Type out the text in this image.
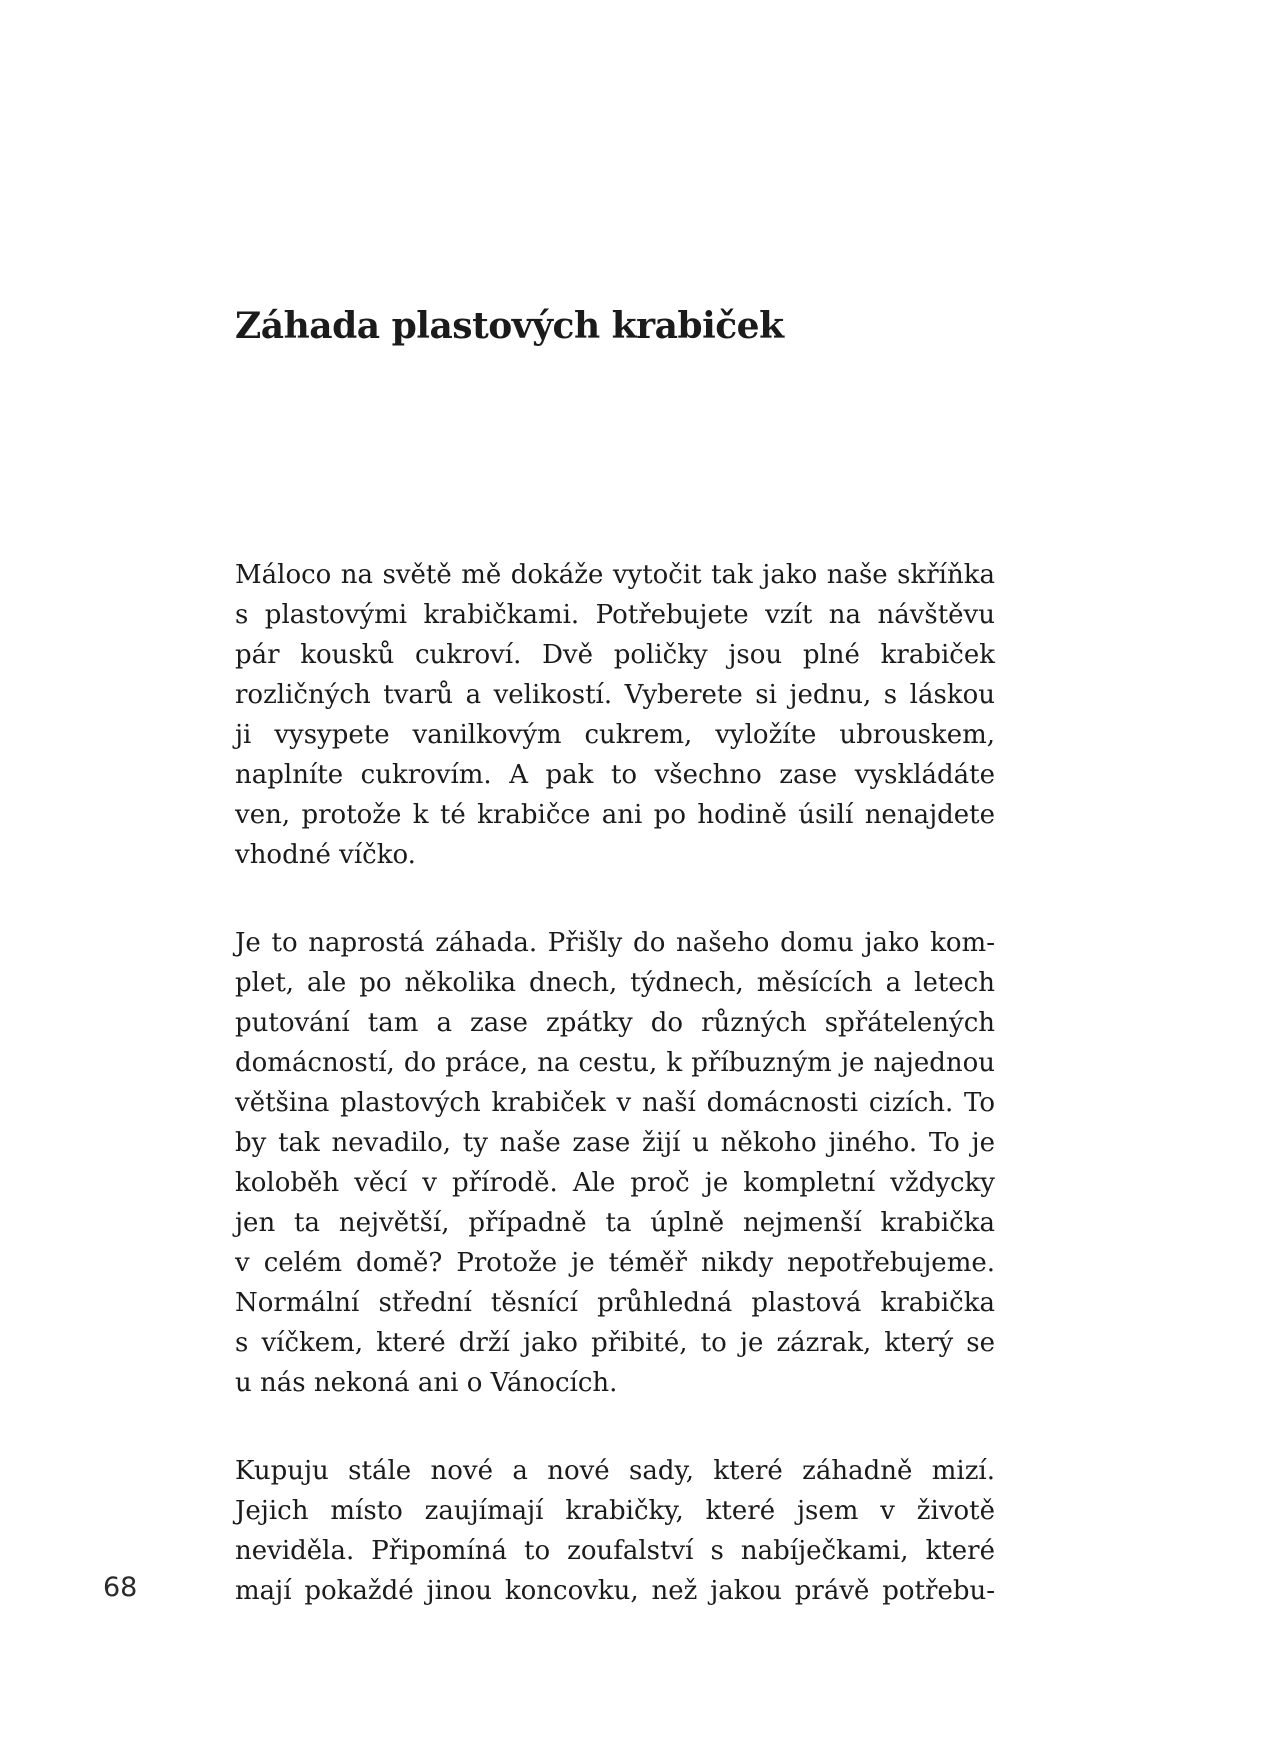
Záhada plastových krabiček
Máloco na světě mě dokáže vytočit tak jako naše skříňka
s plastovými krabičkami. Potřebujete vzít na návštěvu
pár kousků cukroví. Dvě poličky jsou plné krabiček
rozličných tvarů a velikostí. Vyberete si jednu, s láskou
ji vysypete vanilkovým cukrem, vyložíte ubrouskem,
naplníte cukrovím. A pak to všechno zase vyskládáte
ven, protože k té krabičce ani po hodině úsilí nenajdete
vhodné víčko.
Je to naprostá záhada. Přišly do našeho domu jako kom-
plet, ale po několika dnech, týdnech, měsících a letech
putování tam a zase zpátky do různých spřátelených
domácností, do práce, na cestu, k příbuzným je najednou
většina plastových krabiček v naší domácnosti cizích. To
by tak nevadilo, ty naše zase žijí u někoho jiného. To je
koloběh věcí v přírodě. Ale proč je kompletní vždycky
jen ta největší, případně ta úplně nejmenší krabička
v celém domě? Protože je téměř nikdy nepotřebujeme.
Normální střední těsnící průhledná plastová krabička
s víčkem, které drží jako přibité, to je zázrak, který se
u nás nekoná ani o Vánocích.
Kupuju stále nové a nové sady, které záhadně mizí.
Jejich místo zaujímají krabičky, které jsem v životě
neviděla. Připomíná to zoufalství s nabíječkami, které
mají pokaždé jinou koncovku, než jakou právě potřebu-
68
